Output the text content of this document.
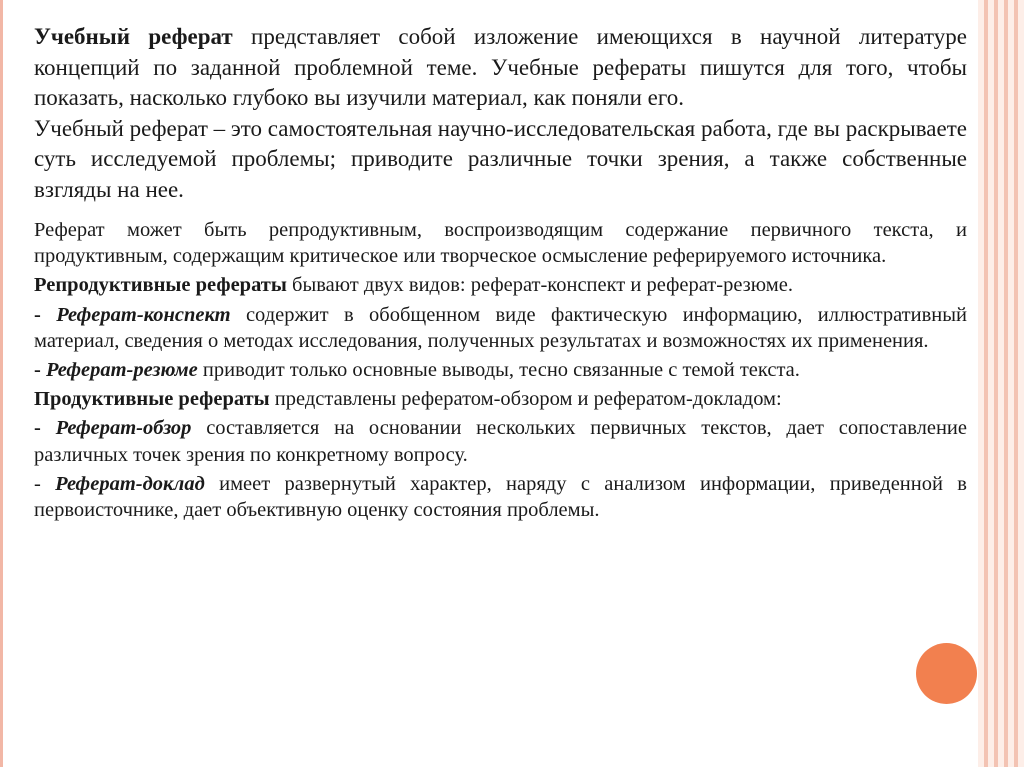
Учебный реферат представляет собой изложение имеющихся в научной литературе концепций по заданной проблемной теме. Учебные рефераты пишутся для того, чтобы показать, насколько глубоко вы изучили материал, как поняли его.

Учебный реферат – это самостоятельная научно-исследовательская работа, где вы раскрываете суть исследуемой проблемы; приводите различные точки зрения, а также собственные взгляды на нее.

Реферат может быть репродуктивным, воспроизводящим содержание первичного текста, и продуктивным, содержащим критическое или творческое осмысление реферируемого источника.

Репродуктивные рефераты бывают двух видов: реферат-конспект и реферат-резюме.

- Реферат-конспект содержит в обобщенном виде фактическую информацию, иллюстративный материал, сведения о методах исследования, полученных результатах и возможностях их применения.

- Реферат-резюме приводит только основные выводы, тесно связанные с темой текста.

Продуктивные рефераты представлены рефератом-обзором и рефератом-докладом:

- Реферат-обзор составляется на основании нескольких первичных текстов, дает сопоставление различных точек зрения по конкретному вопросу.

- Реферат-доклад имеет развернутый характер, наряду с анализом информации, приведенной в первоисточнике, дает объективную оценку состояния проблемы.
